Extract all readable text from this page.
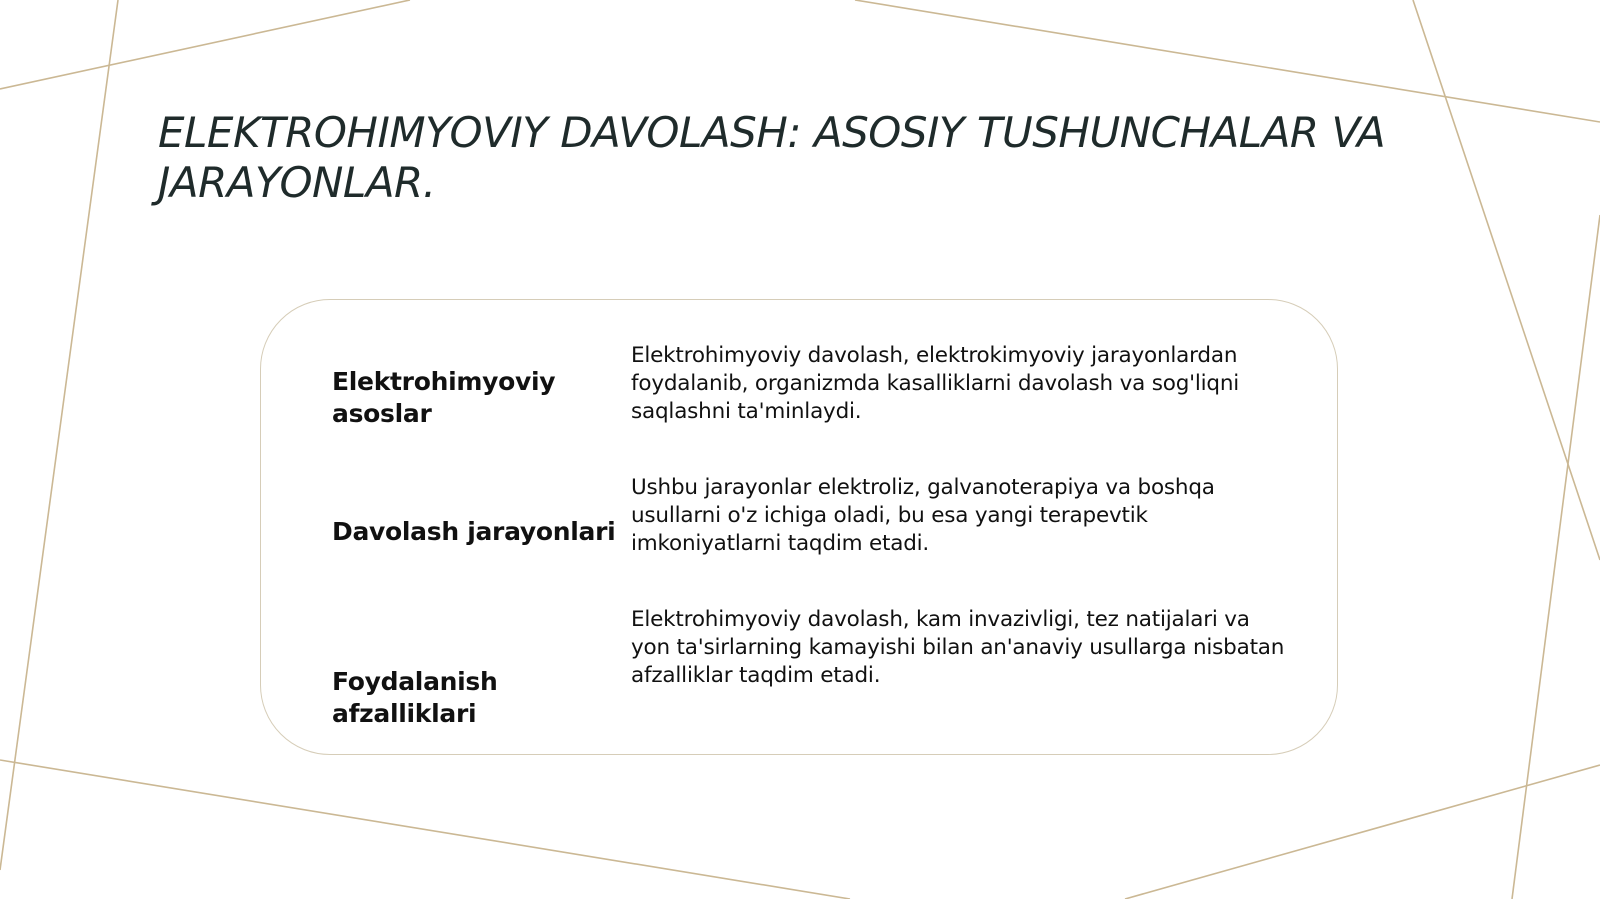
ELEKTROHIMYOVIY DAVOLASH: ASOSIY TUSHUNCHALAR VA JARAYONLAR.
Elektrohimyoviy asoslar
Elektrohimyoviy davolash, elektrokimyoviy jarayonlardan foydalanib, organizmda kasalliklarni davolash va sog'liqni saqlashni ta'minlaydi.
Davolash jarayonlari
Ushbu jarayonlar elektroliz, galvanoterapiya va boshqa usullarni o'z ichiga oladi, bu esa yangi terapevtik imkoniyatlarni taqdim etadi.
Foydalanish afzalliklari
Elektrohimyoviy davolash, kam invazivligi, tez natijalari va yon ta'sirlarning kamayishi bilan an'anaviy usullarga nisbatan afzalliklar taqdim etadi.
